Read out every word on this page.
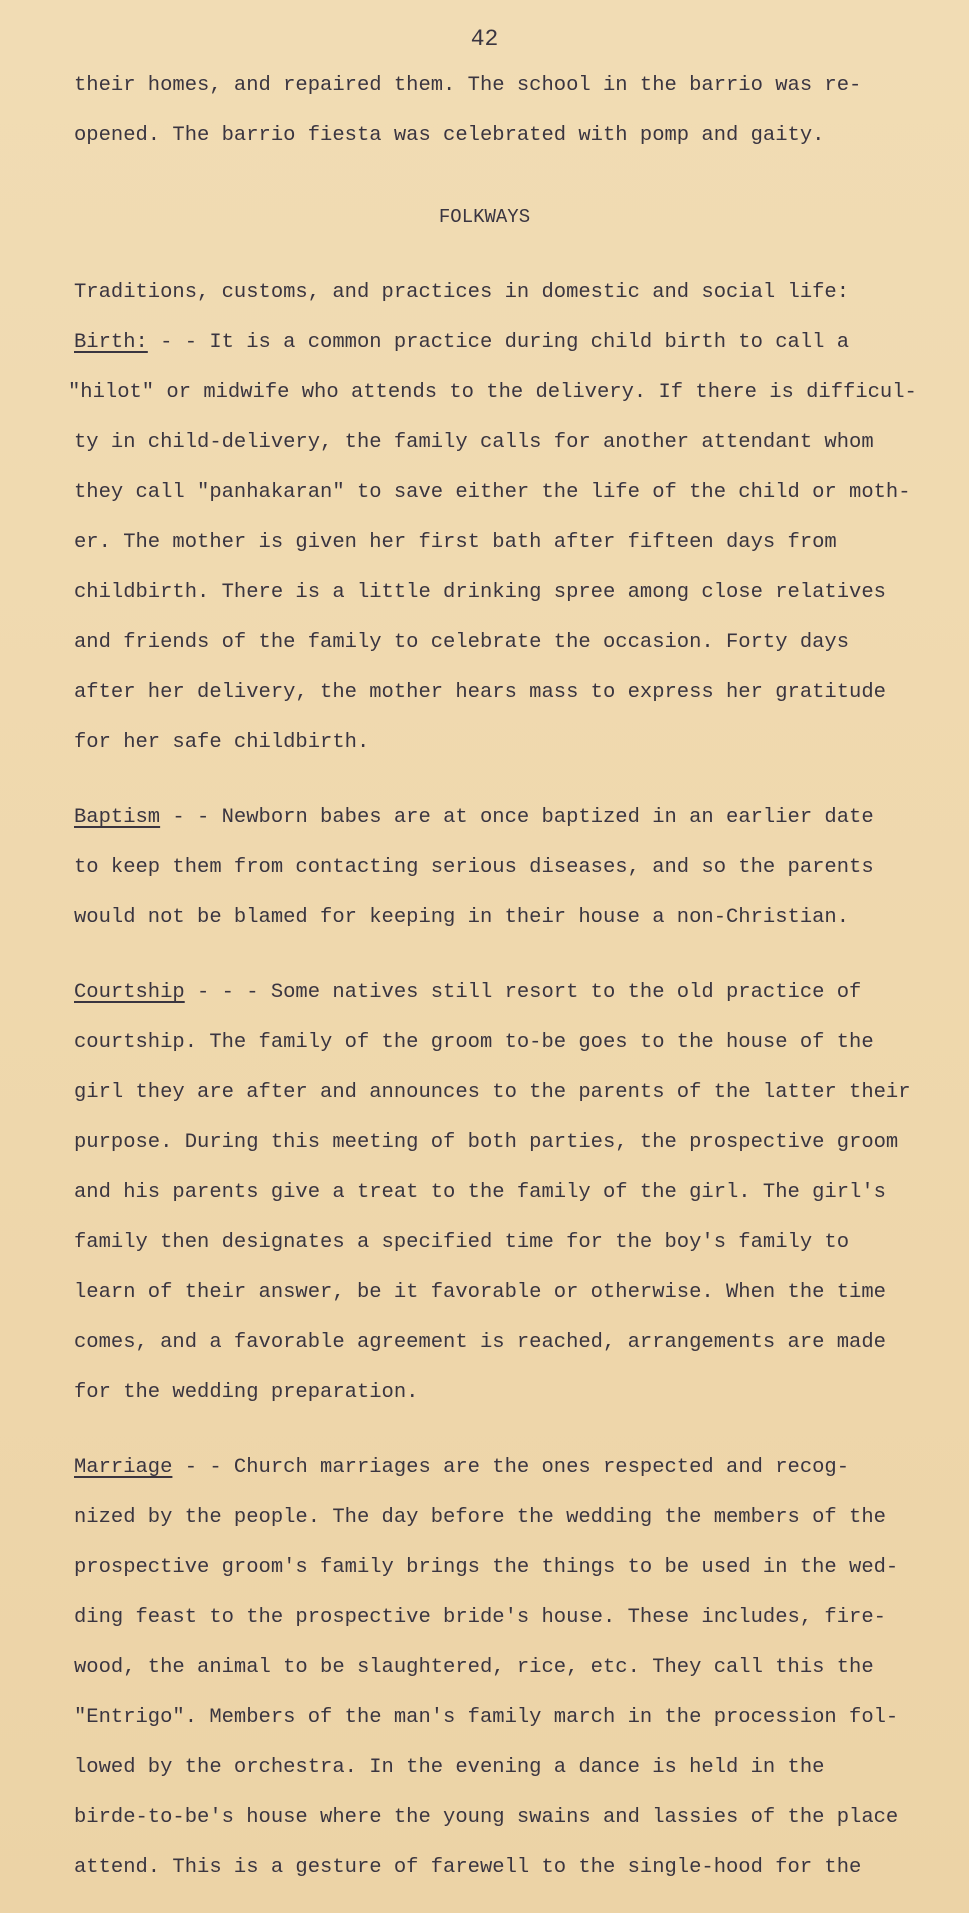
42
their homes, and repaired them. The school in the barrio was re-
opened. The barrio fiesta was celebrated with pomp and gaity.
FOLKWAYS
Traditions, customs, and practices in domestic and social life:
Birth: - - It is a common practice during child birth to call a
"hilot" or midwife who attends to the delivery. If there is difficul-
ty in child-delivery, the family calls for another attendant whom
they call "panhakaran" to save either the life of the child or moth-
er. The mother is given her first bath after fifteen days from
childbirth. There is a little drinking spree among close relatives
and friends of the family to celebrate the occasion. Forty days
after her delivery, the mother hears mass to express her gratitude
for her safe childbirth.
Baptism - - Newborn babes are at once baptized in an earlier date
to keep them from contacting serious diseases, and so the parents
would not be blamed for keeping in their house a non-Christian.
Courtship - - - Some natives still resort to the old practice of
courtship. The family of the groom to-be goes to the house of the
girl they are after and announces to the parents of the latter their
purpose. During this meeting of both parties, the prospective groom
and his parents give a treat to the family of the girl. The girl's
family then designates a specified time for the boy's family to
learn of their answer, be it favorable or otherwise. When the time
comes, and a favorable agreement is reached, arrangements are made
for the wedding preparation.
Marriage - - Church marriages are the ones respected and recog-
nized by the people. The day before the wedding the members of the
prospective groom's family brings the things to be used in the wed-
ding feast to the prospective bride's house. These includes, fire-
wood, the animal to be slaughtered, rice, etc. They call this the
"Entrigo". Members of the man's family march in the procession fol-
lowed by the orchestra. In the evening a dance is held in the
birde-to-be's house where the young swains and lassies of the place
attend. This is a gesture of farewell to the single-hood for the
